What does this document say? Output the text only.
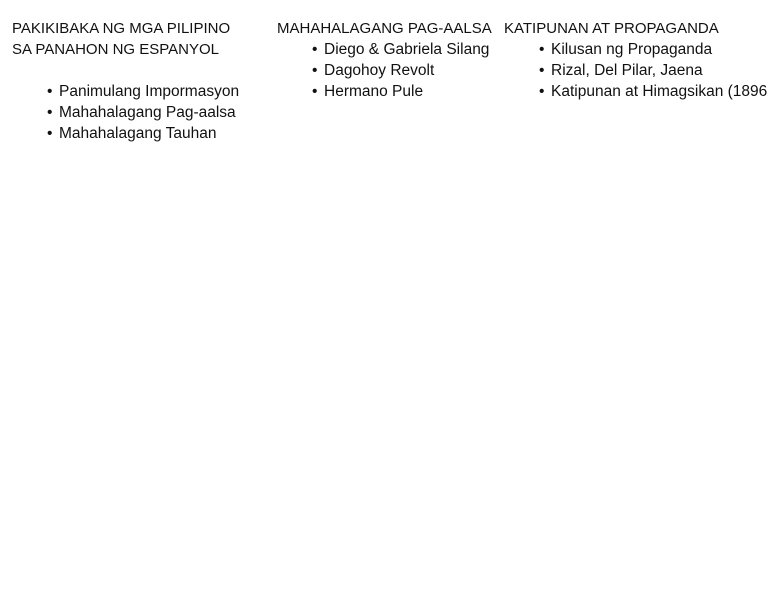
PAKIKIBAKA NG MGA PILIPINO
SA PANAHON NG ESPANYOL
• Panimulang Impormasyon
• Mahahalagang Pag-aalsa
• Mahahalagang Tauhan
MAHAHALAGANG PAG-AALSA
• Diego & Gabriela Silang
• Dagohoy Revolt
• Hermano Pule
KATIPUNAN AT PROPAGANDA
• Kilusan ng Propaganda
• Rizal, Del Pilar, Jaena
• Katipunan at Himagsikan (1896
